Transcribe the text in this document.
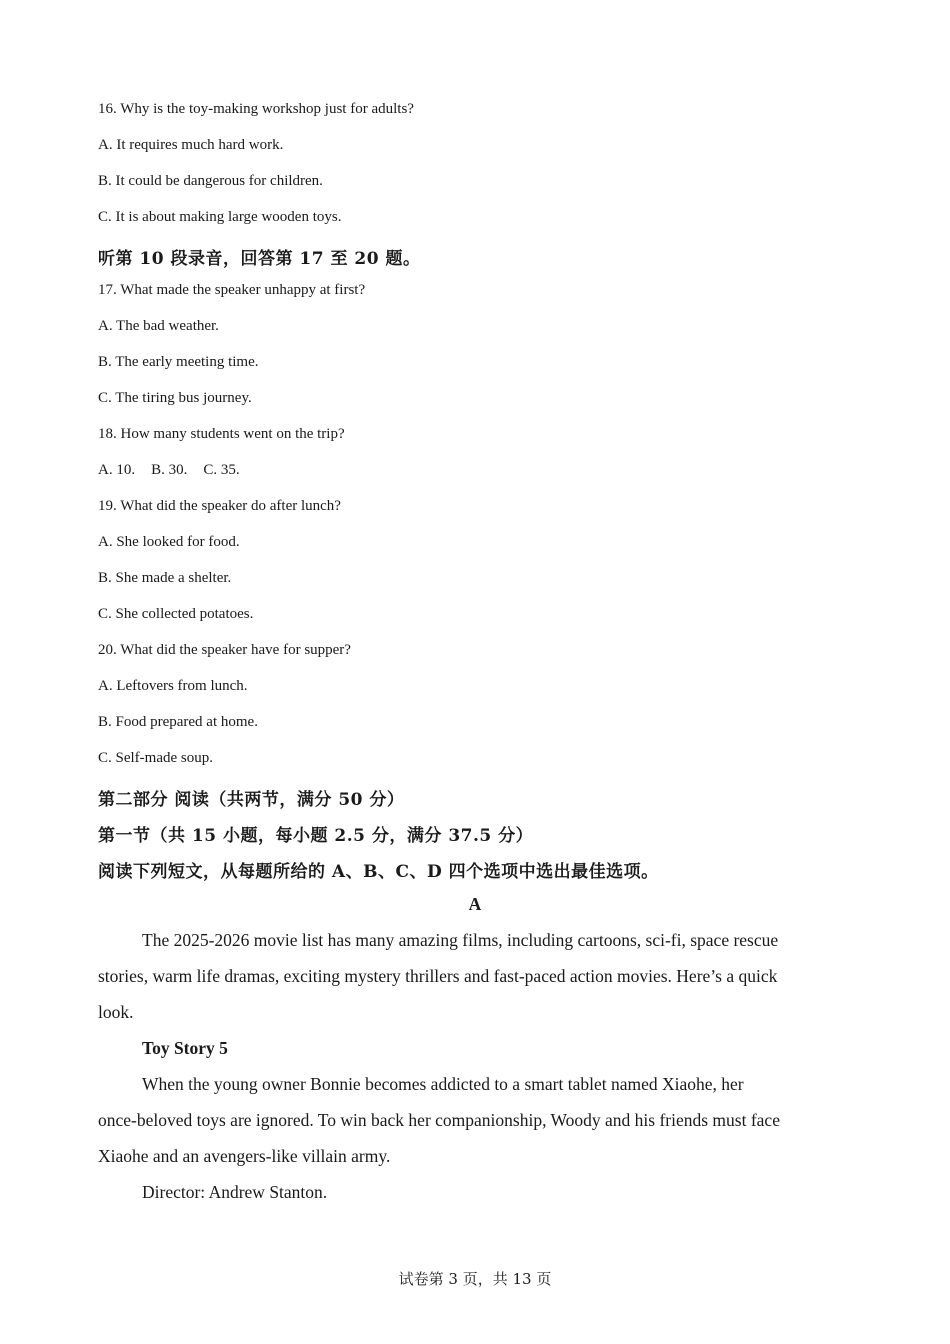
16. Why is the toy-making workshop just for adults?
A. It requires much hard work.
B. It could be dangerous for children.
C. It is about making large wooden toys.
听第 10 段录音，回答第 17 至 20 题。
17. What made the speaker unhappy at first?
A. The bad weather.
B. The early meeting time.
C. The tiring bus journey.
18. How many students went on the trip?
A. 10. B. 30. C. 35.
19. What did the speaker do after lunch?
A. She looked for food.
B. She made a shelter.
C. She collected potatoes.
20. What did the speaker have for supper?
A. Leftovers from lunch.
B. Food prepared at home.
C. Self-made soup.
第二部分 阅读（共两节，满分 50 分）
第一节（共 15 小题，每小题 2.5 分，满分 37.5 分）
阅读下列短文，从每题所给的 A、B、C、D 四个选项中选出最佳选项。
A
The 2025-2026 movie list has many amazing films, including cartoons, sci-fi, space rescue
stories, warm life dramas, exciting mystery thrillers and fast-paced action movies. Here’s a quick
look.
Toy Story 5
When the young owner Bonnie becomes addicted to a smart tablet named Xiaohe, her
once-beloved toys are ignored. To win back her companionship, Woody and his friends must face
Xiaohe and an avengers-like villain army.
Director: Andrew Stanton.
试卷第 3 页，共 13 页
